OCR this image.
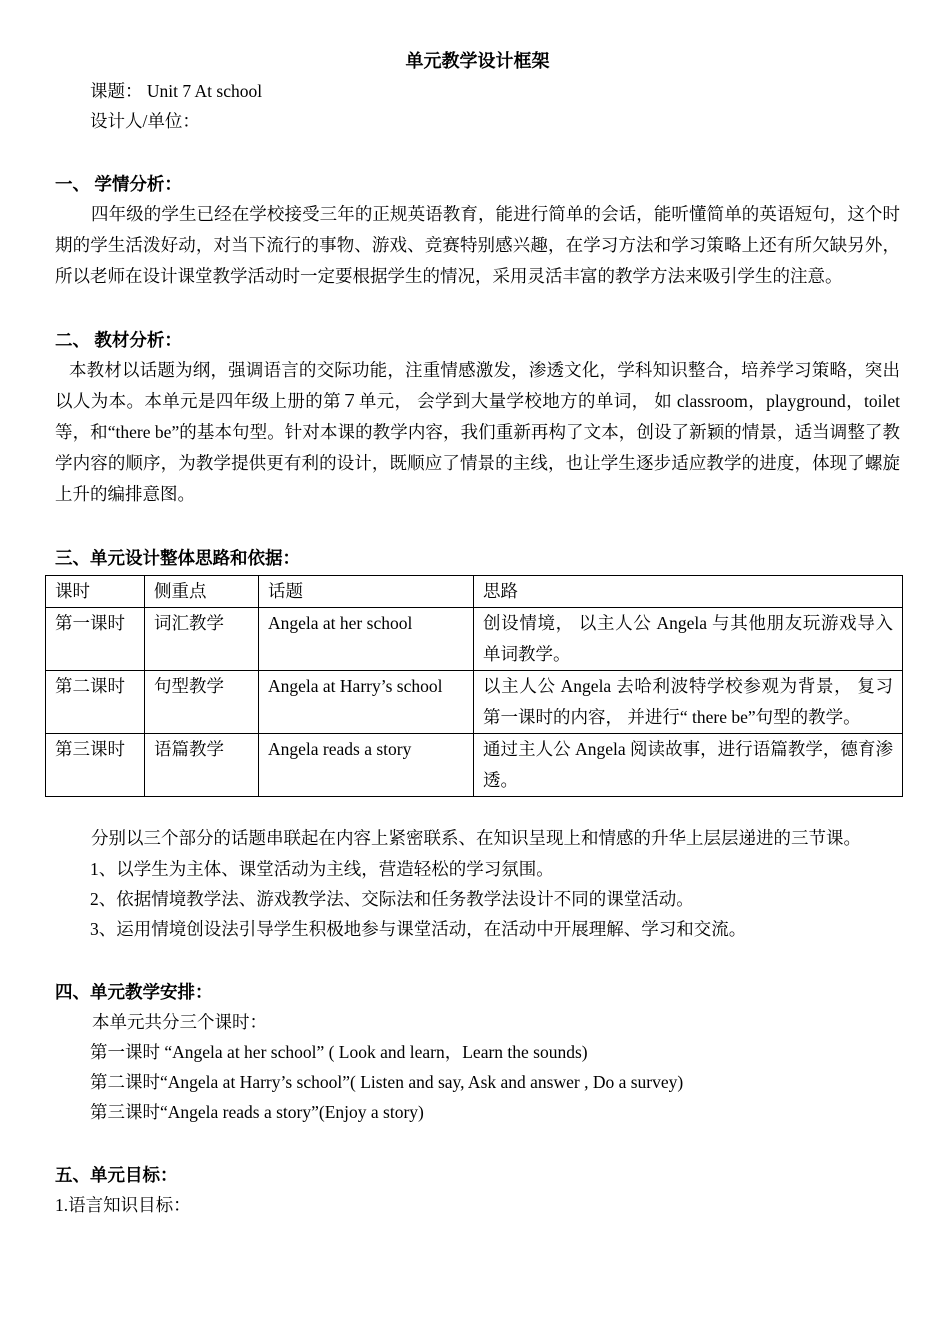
单元教学设计框架
课题： Unit 7 At school
设计人/单位：
一、 学情分析：
四年级的学生已经在学校接受三年的正规英语教育，能进行简单的会话，能听懂简单的英语短句，这个时期的学生活泼好动，对当下流行的事物、游戏、竞赛特别感兴趣，在学习方法和学习策略上还有所欠缺另外，所以老师在设计课堂教学活动时一定要根据学生的情况，采用灵活丰富的教学方法来吸引学生的注意。
二、 教材分析：
本教材以话题为纲，强调语言的交际功能，注重情感激发，渗透文化，学科知识整合，培养学习策略，突出以人为本。本单元是四年级上册的第７单元， 会学到大量学校地方的单词， 如 classroom，playground，toilet 等，和“there be”的基本句型。针对本课的教学内容，我们重新再构了文本，创设了新颖的情景，适当调整了教学内容的顺序，为教学提供更有利的设计，既顺应了情景的主线，也让学生逐步适应教学的进度，体现了螺旋上升的编排意图。
三、单元设计整体思路和依据：
课时	侧重点	话题	思路
第一课时	词汇教学	Angela at her school	创设情境， 以主人公 Angela 与其他朋友玩游戏导入单词教学。
第二课时	句型教学	Angela at Harry’s school	以主人公 Angela 去哈利波特学校参观为背景， 复习第一课时的内容， 并进行“ there be”句型的教学。
第三课时	语篇教学	Angela reads a story	通过主人公 Angela 阅读故事，进行语篇教学，德育渗透。
分别以三个部分的话题串联起在内容上紧密联系、在知识呈现上和情感的升华上层层递进的三节课。
1、以学生为主体、课堂活动为主线，营造轻松的学习氛围。
2、依据情境教学法、游戏教学法、交际法和任务教学法设计不同的课堂活动。
3、运用情境创设法引导学生积极地参与课堂活动，在活动中开展理解、学习和交流。
四、单元教学安排：
本单元共分三个课时：
第一课时 “Angela at her school” ( Look and learn，Learn the sounds)
第二课时“Angela at Harry’s school”( Listen and say, Ask and answer , Do a survey)
第三课时“Angela reads a story”(Enjoy a story)
五、单元目标：
1.语言知识目标：
